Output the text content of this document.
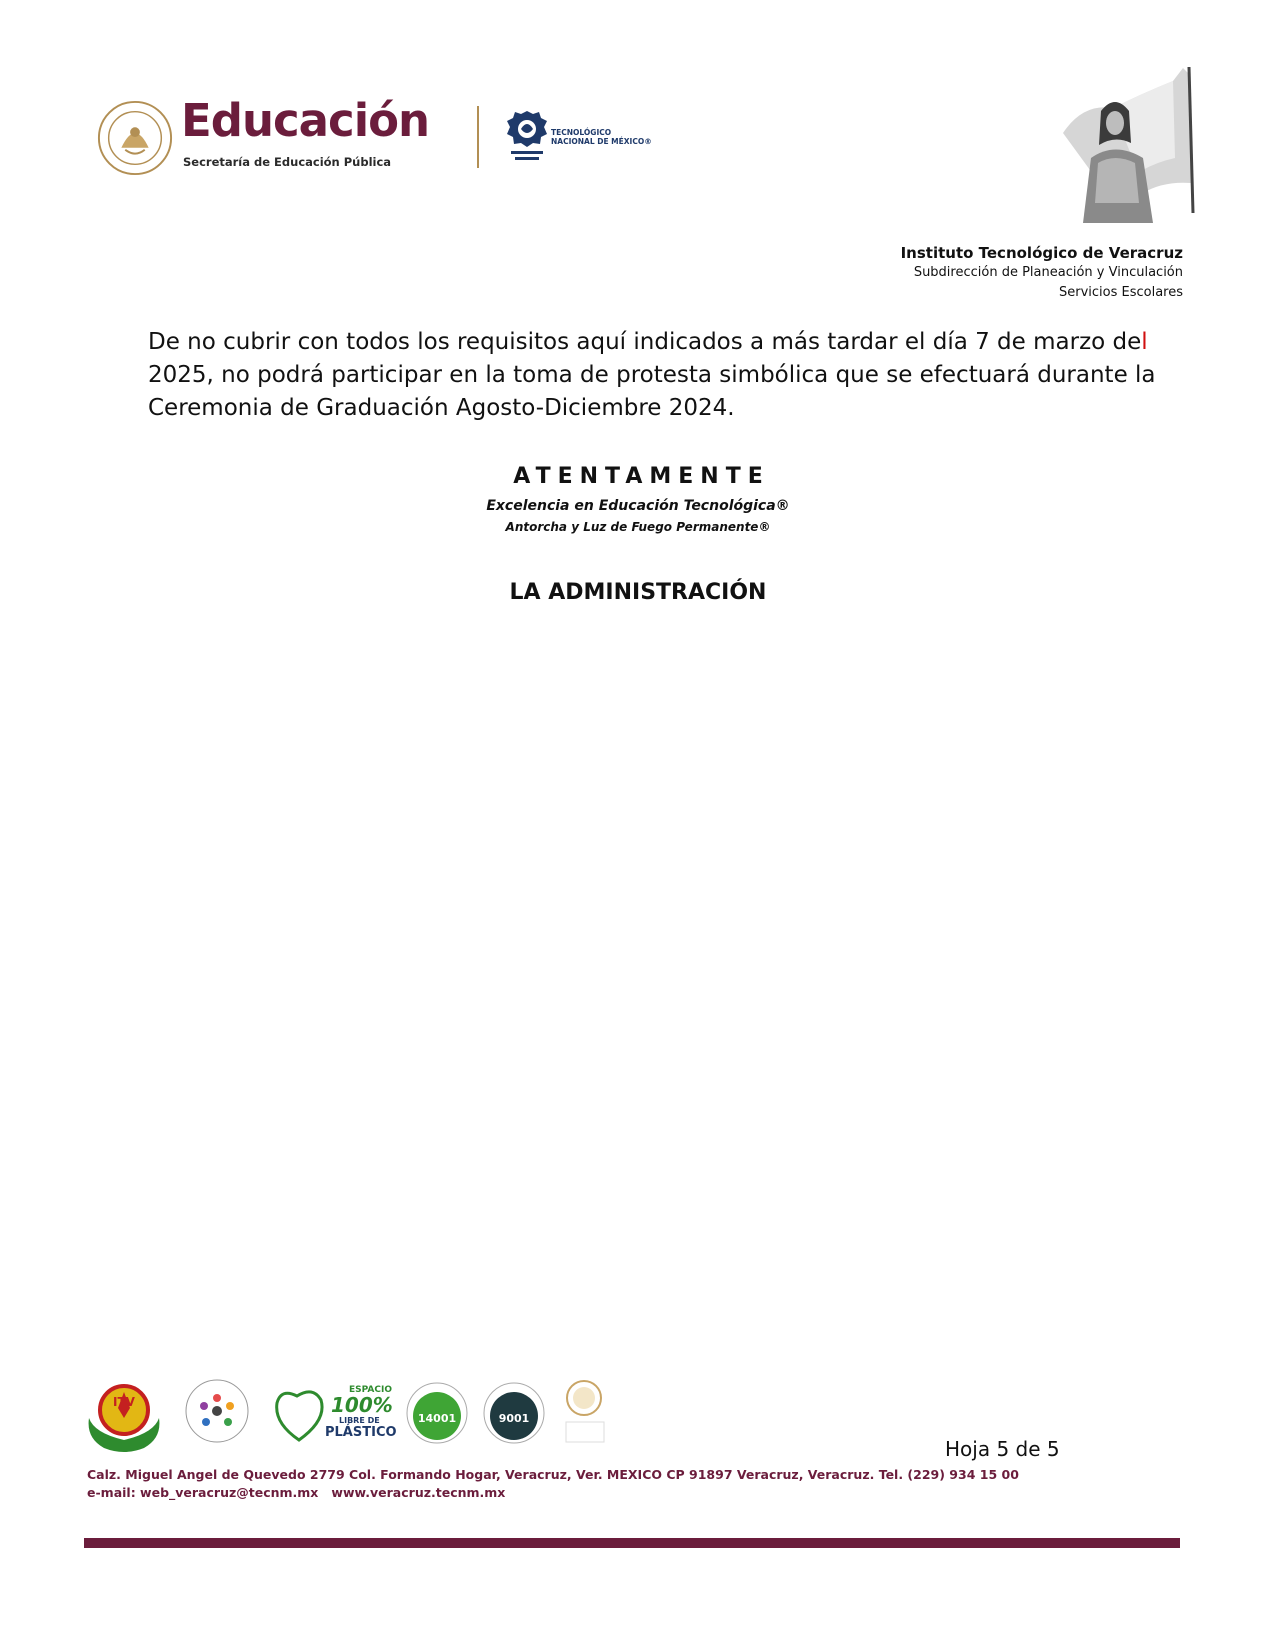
Educación
Secretaría de Educación Pública
TECNOLÓGICO
NACIONAL DE MÉXICO®
Instituto Tecnológico de Veracruz
Subdirección de Planeación y Vinculación
Servicios Escolares
De no cubrir con todos los requisitos aquí indicados a más tardar el día 7 de marzo del 2025, no podrá participar en la toma de protesta simbólica que se efectuará durante la Ceremonia de Graduación Agosto-Diciembre 2024.
ATENTAMENTE
Excelencia en Educación Tecnológica®
Antorcha y Luz de Fuego Permanente®
LA ADMINISTRACIÓN
ITV
ESPACIO
100%
LIBRE DE
PLÁSTICO
14001	9001
Hoja 5 de 5
Calz. Miguel Angel de Quevedo 2779 Col. Formando Hogar, Veracruz, Ver. MEXICO CP 91897 Veracruz, Veracruz. Tel. (229) 934 15 00
e-mail: web_veracruz@tecnm.mx   www.veracruz.tecnm.mx
